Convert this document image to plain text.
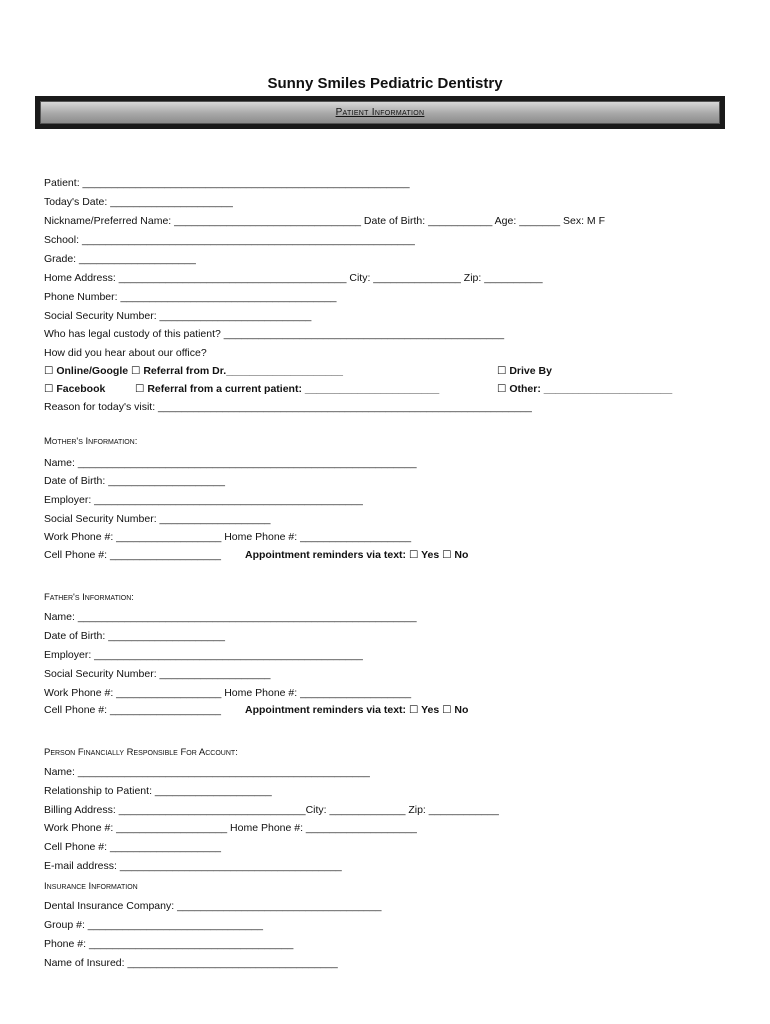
Sunny Smiles Pediatric Dentistry
Patient Information
Patient: ________________________________________________________
Today's Date: _____________________
Nickname/Preferred Name: ________________________________ Date of Birth: ___________ Age: _______ Sex: M F
School: _________________________________________________________
Grade: ____________________
Home Address: _______________________________________ City: _______________ Zip: __________
Phone Number: _____________________________________
Social Security Number: __________________________
Who has legal custody of this patient? ________________________________________________
How did you hear about our office?
☐ Online/Google ☐ Referral from Dr.____________________	☐ Drive By
☐ Facebook	☐ Referral from a current patient: _______________________	☐ Other: ______________________
Reason for today's visit: ________________________________________________________________
Mother's Information:
Name: __________________________________________________________
Date of Birth: ____________________
Employer: ______________________________________________
Social Security Number: ___________________
Work Phone #: __________________ Home Phone #: ___________________
Cell Phone #: ___________________ Appointment reminders via text: ☐ Yes ☐ No
Father's Information:
Name: __________________________________________________________
Date of Birth: ____________________
Employer: ______________________________________________
Social Security Number: ___________________
Work Phone #: __________________ Home Phone #: ___________________
Cell Phone #: ___________________ Appointment reminders via text: ☐ Yes ☐ No
Person Financially Responsible For Account:
Name: __________________________________________________
Relationship to Patient: ____________________
Billing Address: ________________________________City: _____________ Zip: ____________
Work Phone #: ___________________ Home Phone #: ___________________
Cell Phone #: ___________________
E-mail address: ______________________________________
Insurance Information
Dental Insurance Company: ___________________________________
Group #: ______________________________
Phone #: ___________________________________
Name of Insured: ____________________________________
